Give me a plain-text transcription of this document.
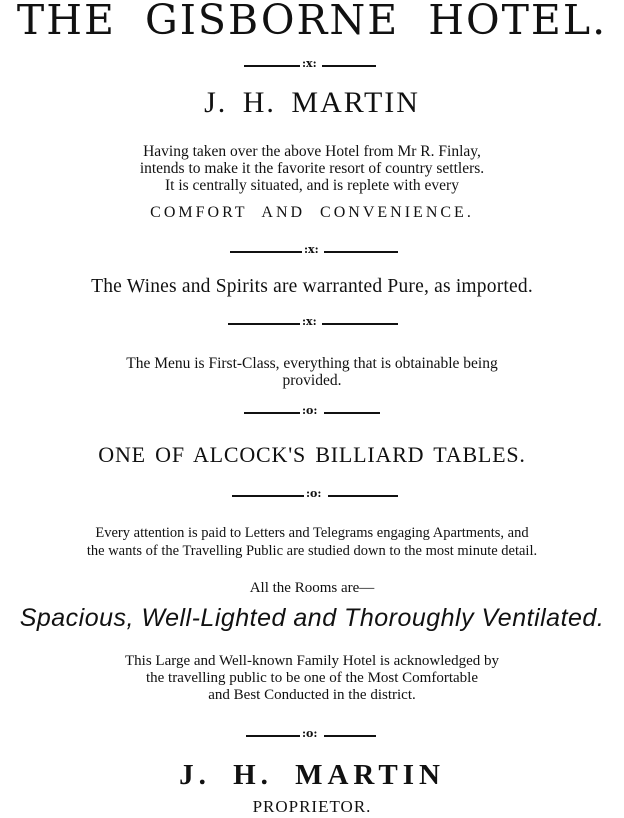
THE GISBORNE HOTEL.
:x:
J. H. MARTIN
Having taken over the above Hotel from Mr R. Finlay,
intends to make it the favorite resort of country settlers.
It is centrally situated, and is replete with every
COMFORT AND CONVENIENCE.
:x:
The Wines and Spirits are warranted Pure, as imported.
:x:
The Menu is First-Class, everything that is obtainable being
provided.
:o:
ONE OF ALCOCK'S BILLIARD TABLES.
:o:
Every attention is paid to Letters and Telegrams engaging Apartments, and
the wants of the Travelling Public are studied down to the most minute detail.
All the Rooms are—
Spacious, Well-Lighted and Thoroughly Ventilated.
This Large and Well-known Family Hotel is acknowledged by
the travelling public to be one of the Most Comfortable
and Best Conducted in the district.
:o:
J. H. MARTIN
PROPRIETOR.
